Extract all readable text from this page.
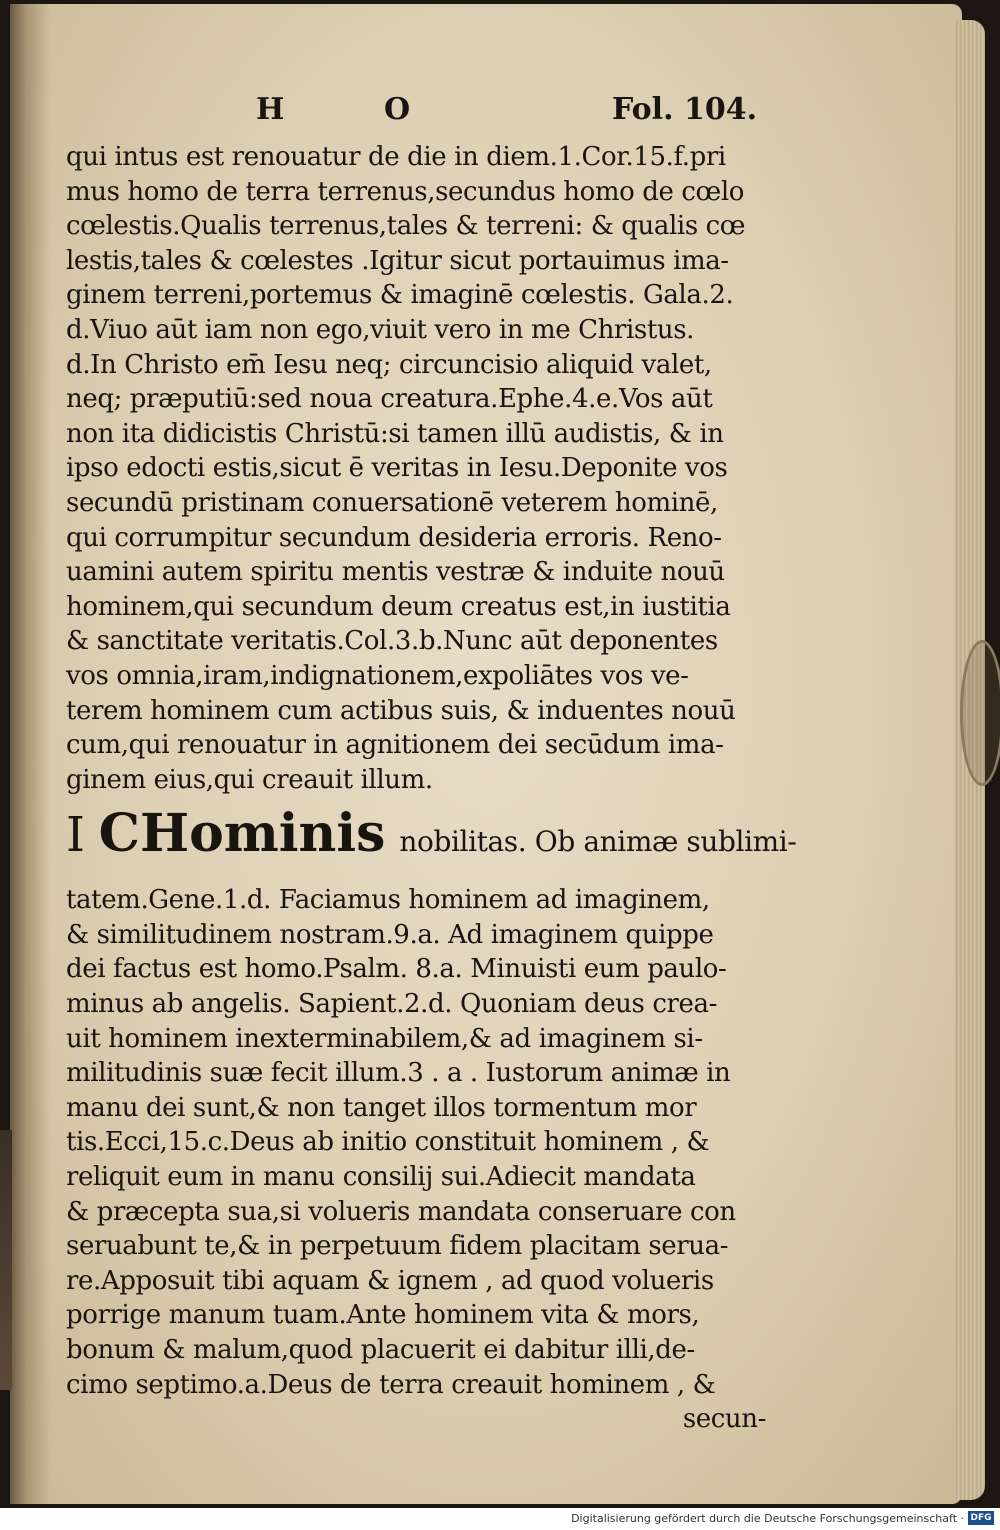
H	O	Fol. 104.
qui intus est renouatur de die in diem.1.Cor.15.f.pri
mus homo de terra terrenus,secundus homo de cœlo
cœlestis.Qualis terrenus,tales & terreni: & qualis cœ
lestis,tales & cœlestes .Igitur sicut portauimus ima-
ginem terreni,portemus & imaginē cœlestis. Gala.2.
d.Viuo aūt iam non ego,viuit vero in me Christus.
d.In Christo em̄ Iesu neq; circuncisio aliquid valet,
neq; præputiū:sed noua creatura.Ephe.4.e.Vos aūt
non ita didicistis Christū:si tamen illū audistis, & in
ipso edocti estis,sicut ē veritas in Iesu.Deponite vos
secundū pristinam conuersationē veterem hominē,
qui corrumpitur secundum desideria erroris. Reno-
uamini autem spiritu mentis vestræ & induite nouū
hominem,qui secundum deum creatus est,in iustitia
& sanctitate veritatis.Col.3.b.Nunc aūt deponentes
vos omnia,iram,indignationem,expoliātes vos ve-
terem hominem cum actibus suis, & induentes nouū
cum,qui renouatur in agnitionem dei secūdum ima-
ginem eius,qui creauit illum.
I CHominis nobilitas. Ob animæ sublimi-
tatem.Gene.1.d. Faciamus hominem ad imaginem,
& similitudinem nostram.9.a. Ad imaginem quippe
dei factus est homo.Psalm. 8.a. Minuisti eum paulo-
minus ab angelis. Sapient.2.d. Quoniam deus crea-
uit hominem inexterminabilem,& ad imaginem si-
militudinis suæ fecit illum.3 . a . Iustorum animæ in
manu dei sunt,& non tanget illos tormentum mor
tis.Ecci,15.c.Deus ab initio constituit hominem , &
reliquit eum in manu consilij sui.Adiecit mandata
& præcepta sua,si volueris mandata conseruare con
seruabunt te,& in perpetuum fidem placitam serua-
re.Apposuit tibi aquam & ignem , ad quod volueris
porrige manum tuam.Ante hominem vita & mors,
bonum & malum,quod placuerit ei dabitur illi,de-
cimo septimo.a.Deus de terra creauit hominem , &
secun-
Digitalisierung gefördert durch die Deutsche Forschungsgemeinschaft · DFG
